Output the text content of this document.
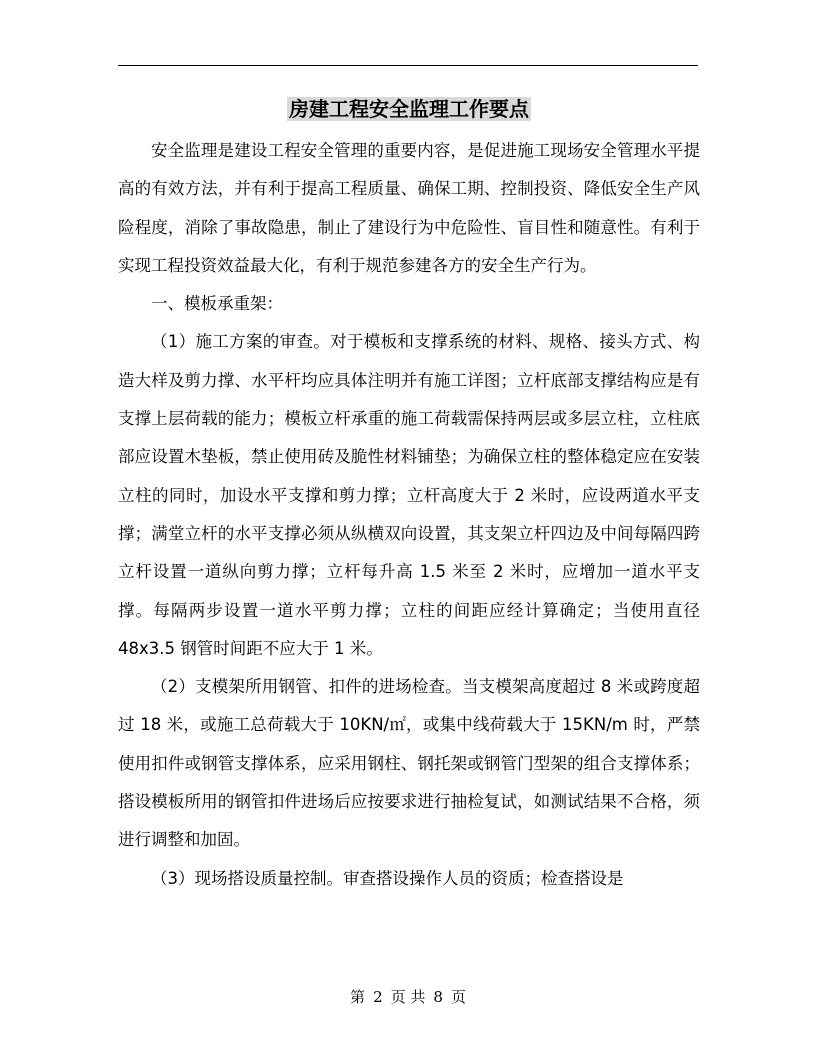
房建工程安全监理工作要点

安全监理是建设工程安全管理的重要内容，是促进施工现场安全管理水平提高的有效方法，并有利于提高工程质量、确保工期、控制投资、降低安全生产风险程度，消除了事故隐患，制止了建设行为中危险性、盲目性和随意性。有利于实现工程投资效益最大化，有利于规范参建各方的安全生产行为。

一、模板承重架：

（1）施工方案的审查。对于模板和支撑系统的材料、规格、接头方式、构造大样及剪力撑、水平杆均应具体注明并有施工详图；立杆底部支撑结构应是有支撑上层荷载的能力；模板立杆承重的施工荷载需保持两层或多层立柱，立柱底部应设置木垫板，禁止使用砖及脆性材料铺垫；为确保立柱的整体稳定应在安装立柱的同时，加设水平支撑和剪力撑；立杆高度大于 2 米时，应设两道水平支撑；满堂立杆的水平支撑必须从纵横双向设置，其支架立杆四边及中间每隔四跨立杆设置一道纵向剪力撑；立杆每升高 1.5 米至 2 米时，应增加一道水平支撑。每隔两步设置一道水平剪力撑；立柱的间距应经计算确定；当使用直径 48x3.5 钢管时间距不应大于 1 米。

（2）支模架所用钢管、扣件的进场检查。当支模架高度超过 8 米或跨度超过 18 米，或施工总荷载大于 10KN/㎡，或集中线荷载大于 15KN/m 时，严禁使用扣件或钢管支撑体系，应采用钢柱、钢托架或钢管门型架的组合支撑体系；搭设模板所用的钢管扣件进场后应按要求进行抽检复试，如测试结果不合格，须进行调整和加固。

（3）现场搭设质量控制。审查搭设操作人员的资质；检查搭设是

第 2 页 共 8 页
